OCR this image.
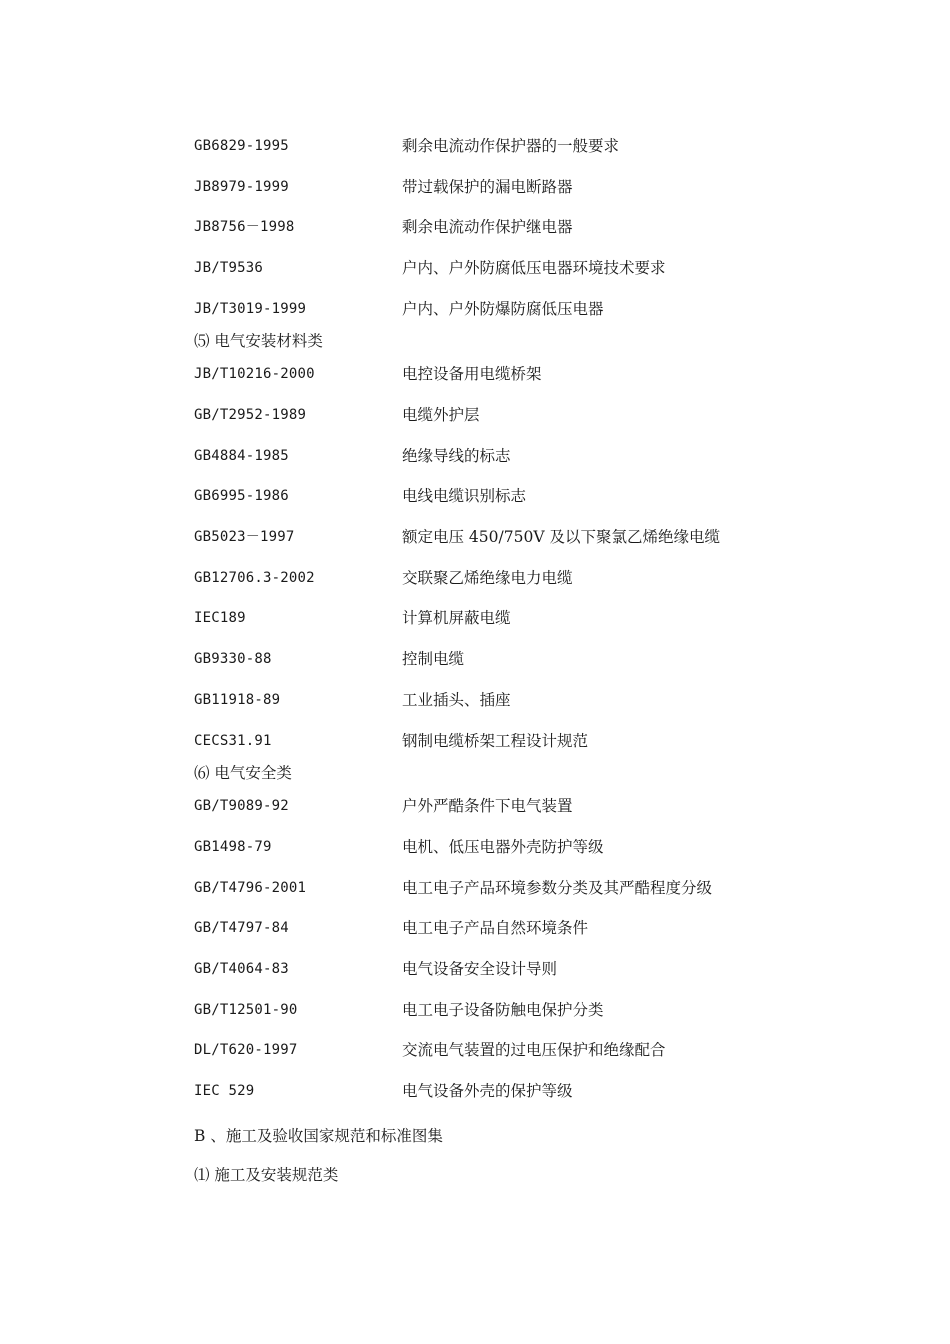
GB6829-1995	剩余电流动作保护器的一般要求
JB8979-1999	带过载保护的漏电断路器
JB8756－1998	剩余电流动作保护继电器
JB/T9536	户内、户外防腐低压电器环境技术要求
JB/T3019-1999	户内、户外防爆防腐低压电器
⑸ 电气安装材料类
JB/T10216-2000	电控设备用电缆桥架
GB/T2952-1989	电缆外护层
GB4884-1985	绝缘导线的标志
GB6995-1986	电线电缆识别标志
GB5023－1997	额定电压 450/750V 及以下聚氯乙烯绝缘电缆
GB12706.3-2002	交联聚乙烯绝缘电力电缆
IEC189	计算机屏蔽电缆
GB9330-88	控制电缆
GB11918-89	工业插头、插座
CECS31.91	钢制电缆桥架工程设计规范
⑹ 电气安全类
GB/T9089-92	户外严酷条件下电气装置
GB1498-79	电机、低压电器外壳防护等级
GB/T4796-2001	电工电子产品环境参数分类及其严酷程度分级
GB/T4797-84	电工电子产品自然环境条件
GB/T4064-83	电气设备安全设计导则
GB/T12501-90	电工电子设备防触电保护分类
DL/T620-1997	交流电气装置的过电压保护和绝缘配合
IEC 529	电气设备外壳的保护等级
B 、施工及验收国家规范和标准图集
⑴ 施工及安装规范类
